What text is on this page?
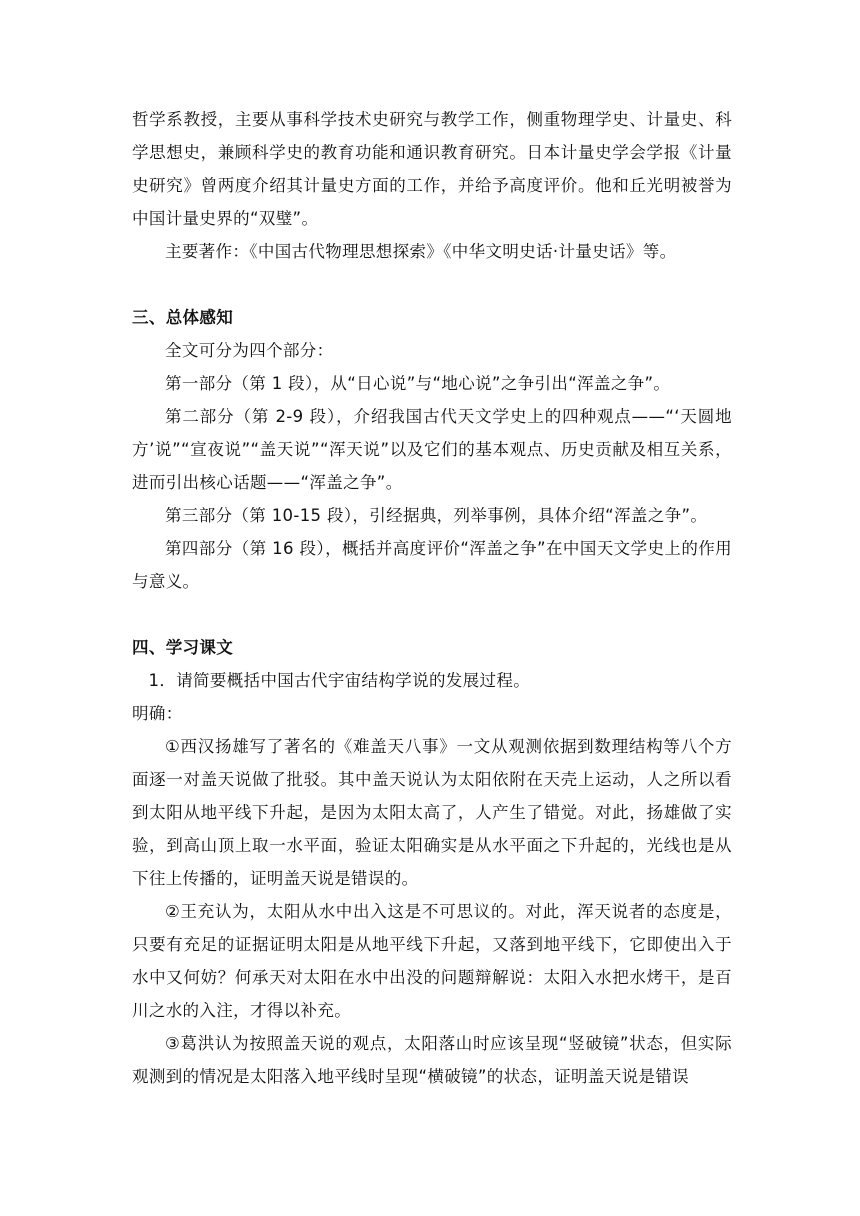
哲学系教授，主要从事科学技术史研究与教学工作，侧重物理学史、计量史、科学思想史，兼顾科学史的教育功能和通识教育研究。日本计量史学会学报《计量史研究》曾两度介绍其计量史方面的工作，并给予高度评价。他和丘光明被誉为中国计量史界的“双璧”。

主要著作：《中国古代物理思想探索》《中华文明史话·计量史话》等。

三、总体感知

全文可分为四个部分：

第一部分（第 1 段），从“日心说”与“地心说”之争引出“浑盖之争”。

第二部分（第 2-9 段），介绍我国古代天文学史上的四种观点——“‘天圆地方’说”“宣夜说”“盖天说”“浑天说”以及它们的基本观点、历史贡献及相互关系，进而引出核心话题——“浑盖之争”。

第三部分（第 10-15 段），引经据典，列举事例，具体介绍“浑盖之争”。

第四部分（第 16 段），概括并高度评价“浑盖之争”在中国天文学史上的作用与意义。

四、学习课文

1．请简要概括中国古代宇宙结构学说的发展过程。

明确：

①西汉扬雄写了著名的《难盖天八事》一文从观测依据到数理结构等八个方面逐一对盖天说做了批驳。其中盖天说认为太阳依附在天壳上运动，人之所以看到太阳从地平线下升起，是因为太阳太高了，人产生了错觉。对此，扬雄做了实验，到高山顶上取一水平面，验证太阳确实是从水平面之下升起的，光线也是从下往上传播的，证明盖天说是错误的。

②王充认为，太阳从水中出入这是不可思议的。对此，浑天说者的态度是，只要有充足的证据证明太阳是从地平线下升起，又落到地平线下，它即使出入于水中又何妨？何承天对太阳在水中出没的问题辩解说：太阳入水把水烤干，是百川之水的入注，才得以补充。

③葛洪认为按照盖天说的观点，太阳落山时应该呈现“竖破镜”状态，但实际观测到的情况是太阳落入地平线时呈现“横破镜”的状态，证明盖天说是错误
